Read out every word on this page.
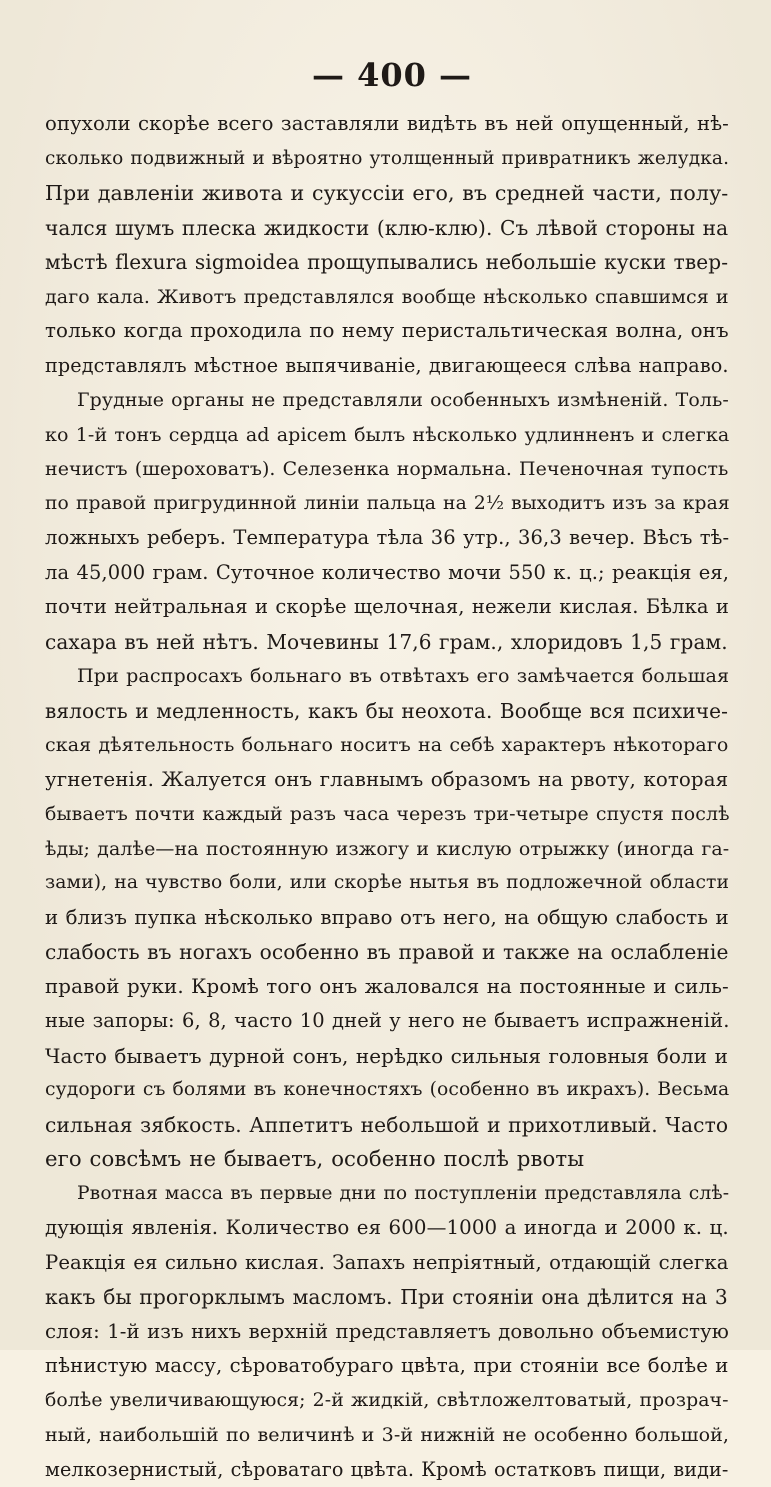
— 400 —
опухоли скорѣе всего заставляли видѣть въ ней опущенный, нѣ-
сколько подвижный и вѣроятно утолщенный привратникъ желудка.
При давленіи живота и сукуссіи его, въ средней части, полу-
чался шумъ плеска жидкости (клю-клю). Съ лѣвой стороны на
мѣстѣ flexura sigmoidea прощупывались небольшіе куски твер-
даго кала. Животъ представлялся вообще нѣсколько спавшимся и
только когда проходила по нему перистальтическая волна, онъ
представлялъ мѣстное выпячиваніе, двигающееся слѣва направо.
Грудные органы не представляли особенныхъ измѣненій. Толь-
ко 1-й тонъ сердца ad apicem былъ нѣсколько удлинненъ и слегка
нечистъ (шероховатъ). Селезенка нормальна. Печеночная тупость
по правой пригрудинной линіи пальца на 2½ выходитъ изъ за края
ложныхъ реберъ. Температура тѣла 36 утр., 36,3 вечер. Вѣсъ тѣ-
ла 45,000 грам. Суточное количество мочи 550 к. ц.; реакція ея,
почти нейтральная и скорѣе щелочная, нежели кислая. Бѣлка и
сахара въ ней нѣтъ. Мочевины 17,6 грам., хлоридовъ 1,5 грам.
При распросахъ больнаго въ отвѣтахъ его замѣчается большая
вялость и медленность, какъ бы неохота. Вообще вся психиче-
ская дѣятельность больнаго носитъ на себѣ характеръ нѣкотораго
угнетенія. Жалуется онъ главнымъ образомъ на рвоту, которая
бываетъ почти каждый разъ часа черезъ три-четыре спустя послѣ
ѣды; далѣе—на постоянную изжогу и кислую отрыжку (иногда га-
зами), на чувство боли, или скорѣе нытья въ подложечной области
и близъ пупка нѣсколько вправо отъ него, на общую слабость и
слабость въ ногахъ особенно въ правой и также на ослабленіе
правой руки. Кромѣ того онъ жаловался на постоянные и силь-
ные запоры: 6, 8, часто 10 дней у него не бываетъ испражненій.
Часто бываетъ дурной сонъ, нерѣдко сильныя головныя боли и
судороги съ болями въ конечностяхъ (особенно въ икрахъ). Весьма
сильная зябкость. Аппетитъ небольшой и прихотливый. Часто
его совсѣмъ не бываетъ, особенно послѣ рвоты
Рвотная масса въ первые дни по поступленіи представляла слѣ-
дующія явленія. Количество ея 600—1000 а иногда и 2000 к. ц.
Реакція ея сильно кислая. Запахъ непріятный, отдающій слегка
какъ бы прогорклымъ масломъ. При стояніи она дѣлится на 3
слоя: 1-й изъ нихъ верхній представляетъ довольно объемистую
пѣнистую массу, сѣроватобураго цвѣта, при стояніи все болѣе и
болѣе увеличивающуюся; 2-й жидкій, свѣтложелтоватый, прозрач-
ный, наибольшій по величинѣ и 3-й нижній не особенно большой,
мелкозернистый, сѣроватаго цвѣта. Кромѣ остатковъ пищи, види-
